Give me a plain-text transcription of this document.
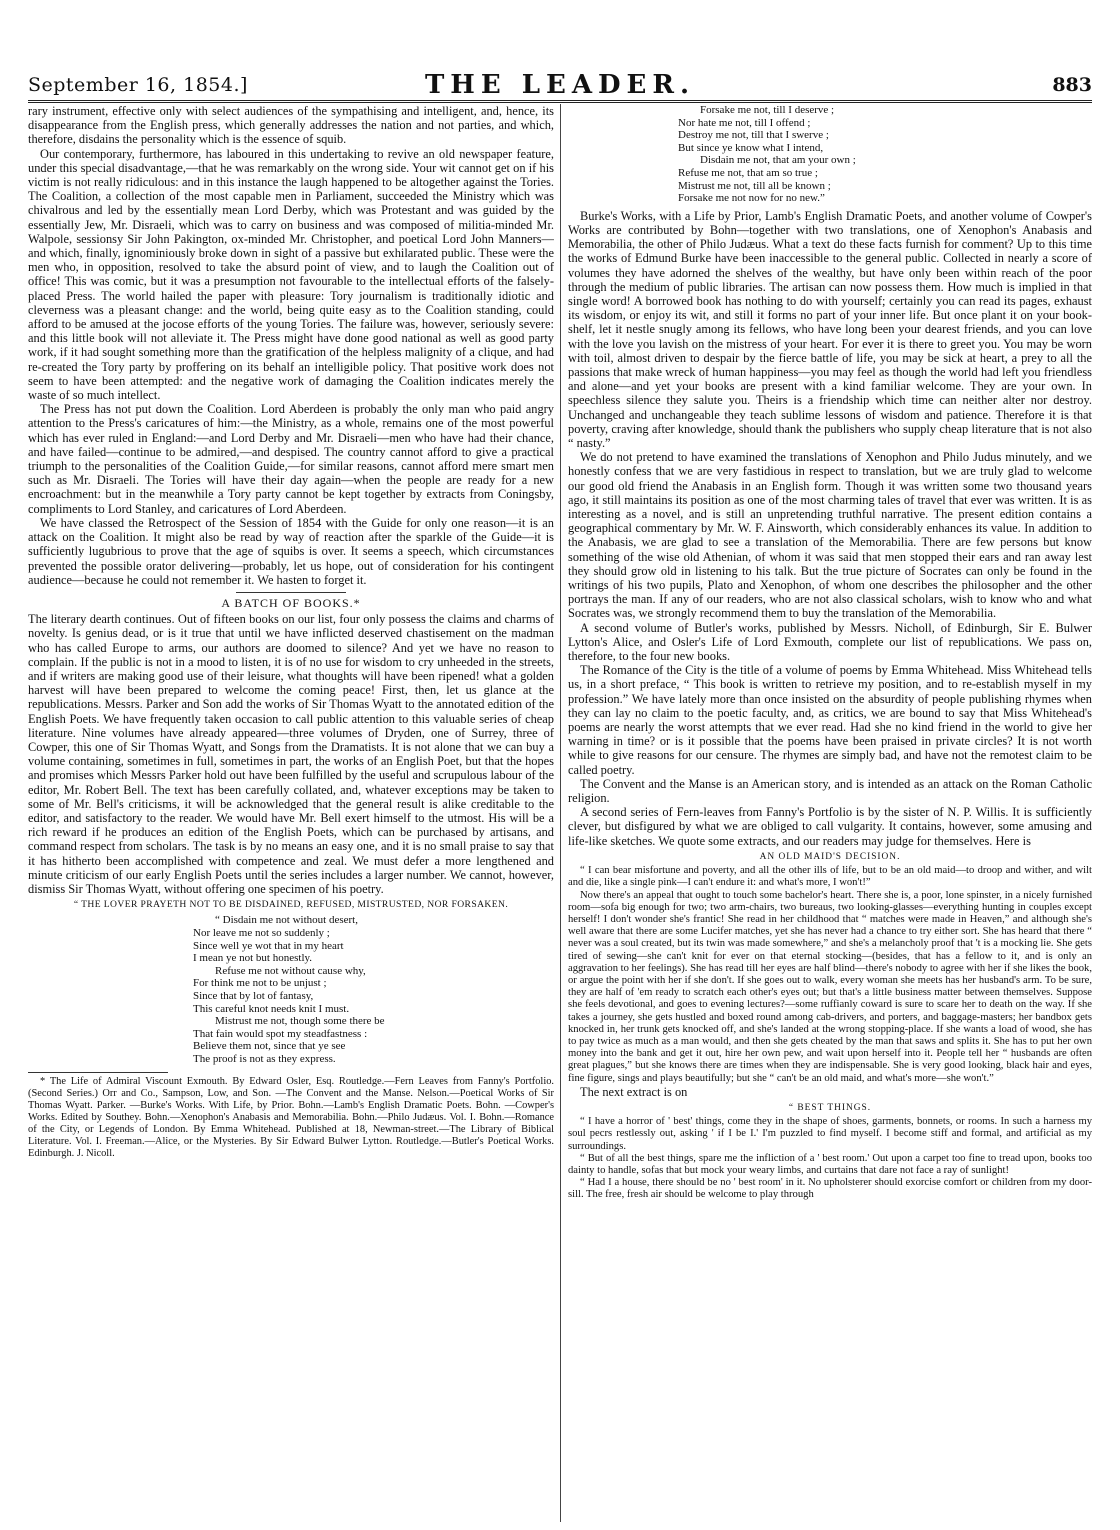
September 16, 1854.]	THE LEADER.	883

rary instrument, effective only with select audiences of the sympathising and intelligent, and, hence, its disappearance from the English press, which generally addresses the nation and not parties, and which, therefore, disdains the personality which is the essence of squib.

Our contemporary, furthermore, has laboured in this undertaking to revive an old newspaper feature, under this special disadvantage,—that he was remarkably on the wrong side. Your wit cannot get on if his victim is not really ridiculous: and in this instance the laugh happened to be altogether against the Tories. The Coalition, a collection of the most capable men in Parliament, succeeded the Ministry which was chivalrous and led by the essentially mean Lord Derby, which was Protestant and was guided by the essentially Jew, Mr. Disraeli, which was to carry on business and was composed of militia-minded Mr. Walpole, sessionsy Sir John Pakington, ox-minded Mr. Christopher, and poetical Lord John Manners—and which, finally, ignominiously broke down in sight of a passive but exhilarated public. These were the men who, in opposition, resolved to take the absurd point of view, and to laugh the Coalition out of office! This was comic, but it was a presumption not favourable to the intellectual efforts of the falsely-placed Press. The world hailed the paper with pleasure: Tory journalism is traditionally idiotic and cleverness was a pleasant change: and the world, being quite easy as to the Coalition standing, could afford to be amused at the jocose efforts of the young Tories. The failure was, however, seriously severe: and this little book will not alleviate it. The Press might have done good national as well as good party work, if it had sought something more than the gratification of the helpless malignity of a clique, and had re-created the Tory party by proffering on its behalf an intelligible policy. That positive work does not seem to have been attempted: and the negative work of damaging the Coalition indicates merely the waste of so much intellect.

The Press has not put down the Coalition. Lord Aberdeen is probably the only man who paid angry attention to the Press's caricatures of him:—the Ministry, as a whole, remains one of the most powerful which has ever ruled in England:—and Lord Derby and Mr. Disraeli—men who have had their chance, and have failed—continue to be admired,—and despised. The country cannot afford to give a practical triumph to the personalities of the Coalition Guide,—for similar reasons, cannot afford mere smart men such as Mr. Disraeli. The Tories will have their day again—when the people are ready for a new encroachment: but in the meanwhile a Tory party cannot be kept together by extracts from Coningsby, compliments to Lord Stanley, and caricatures of Lord Aberdeen.

We have classed the Retrospect of the Session of 1854 with the Guide for only one reason—it is an attack on the Coalition. It might also be read by way of reaction after the sparkle of the Guide—it is sufficiently lugubrious to prove that the age of squibs is over. It seems a speech, which circumstances prevented the possible orator delivering—probably, let us hope, out of consideration for his contingent audience—because he could not remember it. We hasten to forget it.

A BATCH OF BOOKS.*

The literary dearth continues. Out of fifteen books on our list, four only possess the claims and charms of novelty. Is genius dead, or is it true that until we have inflicted deserved chastisement on the madman who has called Europe to arms, our authors are doomed to silence? And yet we have no reason to complain. If the public is not in a mood to listen, it is of no use for wisdom to cry unheeded in the streets, and if writers are making good use of their leisure, what thoughts will have been ripened! what a golden harvest will have been prepared to welcome the coming peace! First, then, let us glance at the republications. Messrs. Parker and Son add the works of Sir Thomas Wyatt to the annotated edition of the English Poets. We have frequently taken occasion to call public attention to this valuable series of cheap literature. Nine volumes have already appeared—three volumes of Dryden, one of Surrey, three of Cowper, this one of Sir Thomas Wyatt, and Songs from the Dramatists. It is not alone that we can buy a volume containing, sometimes in full, sometimes in part, the works of an English Poet, but that the hopes and promises which Messrs Parker hold out have been fulfilled by the useful and scrupulous labour of the editor, Mr. Robert Bell. The text has been carefully collated, and, whatever exceptions may be taken to some of Mr. Bell's criticisms, it will be acknowledged that the general result is alike creditable to the editor, and satisfactory to the reader. We would have Mr. Bell exert himself to the utmost. His will be a rich reward if he produces an edition of the English Poets, which can be purchased by artisans, and command respect from scholars. The task is by no means an easy one, and it is no small praise to say that it has hitherto been accomplished with competence and zeal. We must defer a more lengthened and minute criticism of our early English Poets until the series includes a larger number. We cannot, however, dismiss Sir Thomas Wyatt, without offering one specimen of his poetry.

“ THE LOVER PRAYETH NOT TO BE DISDAINED, REFUSED, MISTRUSTED, NOR FORSAKEN.
“ Disdain me not without desert,
Nor leave me not so suddenly ;
Since well ye wot that in my heart
I mean ye not but honestly.
Refuse me not without cause why,
For think me not to be unjust ;
Since that by lot of fantasy,
This careful knot needs knit I must.
Mistrust me not, though some there be
That fain would spot my steadfastness :
Believe them not, since that ye see
The proof is not as they express.

* The Life of Admiral Viscount Exmouth. By Edward Osler, Esq. Routledge.—Fern Leaves from Fanny's Portfolio. (Second Series.) Orr and Co., Sampson, Low, and Son. —The Convent and the Manse. Nelson.—Poetical Works of Sir Thomas Wyatt. Parker. —Burke's Works. With Life, by Prior. Bohn.—Lamb's English Dramatic Poets. Bohn. —Cowper's Works. Edited by Southey. Bohn.—Xenophon's Anabasis and Memorabilia. Bohn.—Philo Judæus. Vol. I. Bohn.—Romance of the City, or Legends of London. By Emma Whitehead. Published at 18, Newman-street.—The Library of Biblical Literature. Vol. I. Freeman.—Alice, or the Mysteries. By Sir Edward Bulwer Lytton. Routledge.—Butler's Poetical Works. Edinburgh. J. Nicoll.

Forsake me not, till I deserve ;
Nor hate me not, till I offend ;
Destroy me not, till that I swerve ;
But since ye know what I intend,
Disdain me not, that am your own ;
Refuse me not, that am so true ;
Mistrust me not, till all be known ;
Forsake me not now for no new.”

Burke's Works, with a Life by Prior, Lamb's English Dramatic Poets, and another volume of Cowper's Works are contributed by Bohn—together with two translations, one of Xenophon's Anabasis and Memorabilia, the other of Philo Judæus. What a text do these facts furnish for comment? Up to this time the works of Edmund Burke have been inaccessible to the general public. Collected in nearly a score of volumes they have adorned the shelves of the wealthy, but have only been within reach of the poor through the medium of public libraries. The artisan can now possess them. How much is implied in that single word! A borrowed book has nothing to do with yourself; certainly you can read its pages, exhaust its wisdom, or enjoy its wit, and still it forms no part of your inner life. But once plant it on your book-shelf, let it nestle snugly among its fellows, who have long been your dearest friends, and you can love with the love you lavish on the mistress of your heart. For ever it is there to greet you. You may be worn with toil, almost driven to despair by the fierce battle of life, you may be sick at heart, a prey to all the passions that make wreck of human happiness—you may feel as though the world had left you friendless and alone—and yet your books are present with a kind familiar welcome. They are your own. In speechless silence they salute you. Theirs is a friendship which time can neither alter nor destroy. Unchanged and unchangeable they teach sublime lessons of wisdom and patience. Therefore it is that poverty, craving after knowledge, should thank the publishers who supply cheap literature that is not also “ nasty.”

We do not pretend to have examined the translations of Xenophon and Philo Judus minutely, and we honestly confess that we are very fastidious in respect to translation, but we are truly glad to welcome our good old friend the Anabasis in an English form. Though it was written some two thousand years ago, it still maintains its position as one of the most charming tales of travel that ever was written. It is as interesting as a novel, and is still an unpretending truthful narrative. The present edition contains a geographical commentary by Mr. W. F. Ainsworth, which considerably enhances its value. In addition to the Anabasis, we are glad to see a translation of the Memorabilia. There are few persons but know something of the wise old Athenian, of whom it was said that men stopped their ears and ran away lest they should grow old in listening to his talk. But the true picture of Socrates can only be found in the writings of his two pupils, Plato and Xenophon, of whom one describes the philosopher and the other portrays the man. If any of our readers, who are not also classical scholars, wish to know who and what Socrates was, we strongly recommend them to buy the translation of the Memorabilia.

A second volume of Butler's works, published by Messrs. Nicholl, of Edinburgh, Sir E. Bulwer Lytton's Alice, and Osler's Life of Lord Exmouth, complete our list of republications. We pass on, therefore, to the four new books.

The Romance of the City is the title of a volume of poems by Emma Whitehead. Miss Whitehead tells us, in a short preface, “ This book is written to retrieve my position, and to re-establish myself in my profession.” We have lately more than once insisted on the absurdity of people publishing rhymes when they can lay no claim to the poetic faculty, and, as critics, we are bound to say that Miss Whitehead's poems are nearly the worst attempts that we ever read. Had she no kind friend in the world to give her warning in time? or is it possible that the poems have been praised in private circles? It is not worth while to give reasons for our censure. The rhymes are simply bad, and have not the remotest claim to be called poetry.

The Convent and the Manse is an American story, and is intended as an attack on the Roman Catholic religion.

A second series of Fern-leaves from Fanny's Portfolio is by the sister of N. P. Willis. It is sufficiently clever, but disfigured by what we are obliged to call vulgarity. It contains, however, some amusing and life-like sketches. We quote some extracts, and our readers may judge for themselves. Here is

AN OLD MAID'S DECISION.

“ I can bear misfortune and poverty, and all the other ills of life, but to be an old maid—to droop and wither, and wilt and die, like a single pink—I can't endure it: and what's more, I won't!”

Now there's an appeal that ought to touch some bachelor's heart. There she is, a poor, lone spinster, in a nicely furnished room—sofa big enough for two; two arm-chairs, two bureaus, two looking-glasses—everything hunting in couples except herself! I don't wonder she's frantic! She read in her childhood that “ matches were made in Heaven,” and although she's well aware that there are some Lucifer matches, yet she has never had a chance to try either sort. She has heard that there “ never was a soul created, but its twin was made somewhere,” and she's a melancholy proof that 't is a mocking lie. She gets tired of sewing—she can't knit for ever on that eternal stocking—(besides, that has a fellow to it, and is only an aggravation to her feelings). She has read till her eyes are half blind—there's nobody to agree with her if she likes the book, or argue the point with her if she don't. If she goes out to walk, every woman she meets has her husband's arm. To be sure, they are half of 'em ready to scratch each other's eyes out; but that's a little business matter between themselves. Suppose she feels devotional, and goes to evening lectures?—some ruffianly coward is sure to scare her to death on the way. If she takes a journey, she gets hustled and boxed round among cab-drivers, and porters, and baggage-masters; her bandbox gets knocked in, her trunk gets knocked off, and she's landed at the wrong stopping-place. If she wants a load of wood, she has to pay twice as much as a man would, and then she gets cheated by the man that saws and splits it. She has to put her own money into the bank and get it out, hire her own pew, and wait upon herself into it. People tell her “ husbands are often great plagues,” but she knows there are times when they are indispensable. She is very good looking, black hair and eyes, fine figure, sings and plays beautifully; but she “ can't be an old maid, and what's more—she won't.”

The next extract is on

“ BEST THINGS.

“ I have a horror of ' best' things, come they in the shape of shoes, garments, bonnets, or rooms. In such a harness my soul pecrs restlessly out, asking ' if I be I.' I'm puzzled to find myself. I become stiff and formal, and artificial as my surroundings.

“ But of all the best things, spare me the infliction of a ' best room.' Out upon a carpet too fine to tread upon, books too dainty to handle, sofas that but mock your weary limbs, and curtains that dare not face a ray of sunlight!

“ Had I a house, there should be no ' best room' in it. No upholsterer should exorcise comfort or children from my door-sill. The free, fresh air should be welcome to play through
